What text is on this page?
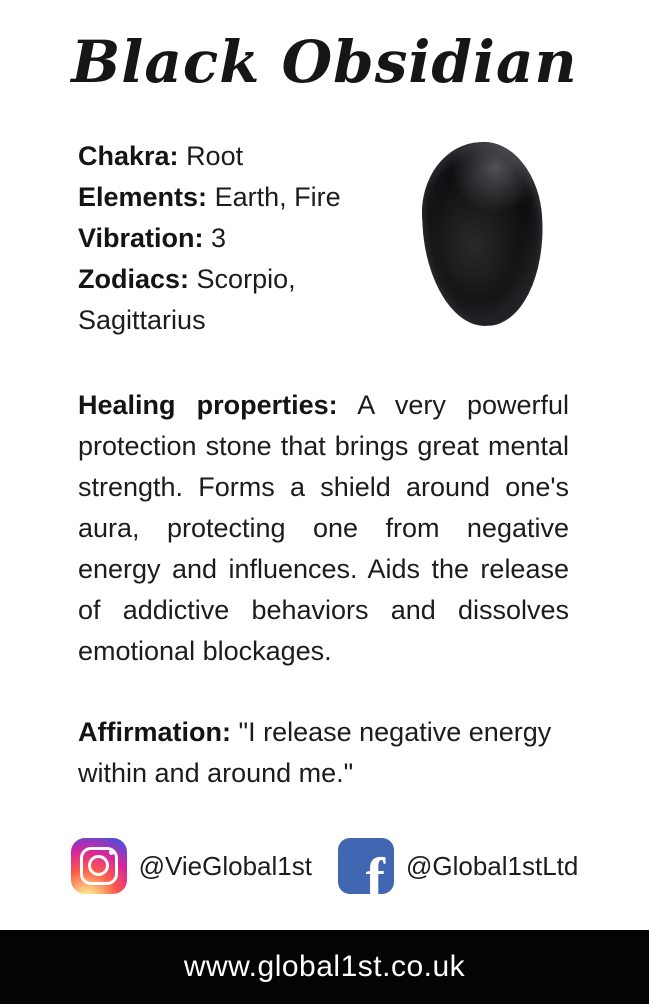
Black Obsidian
Chakra: Root
Elements: Earth, Fire
Vibration: 3
Zodiacs: Scorpio, Sagittarius

Healing properties: A very powerful protection stone that brings great mental strength. Forms a shield around one's aura, protecting one from negative energy and influences. Aids the release of addictive behaviors and dissolves emotional blockages.

Affirmation: "I release negative energy within and around me."

@VieGlobal1st f	@Global1stLtd
www.global1st.co.uk
